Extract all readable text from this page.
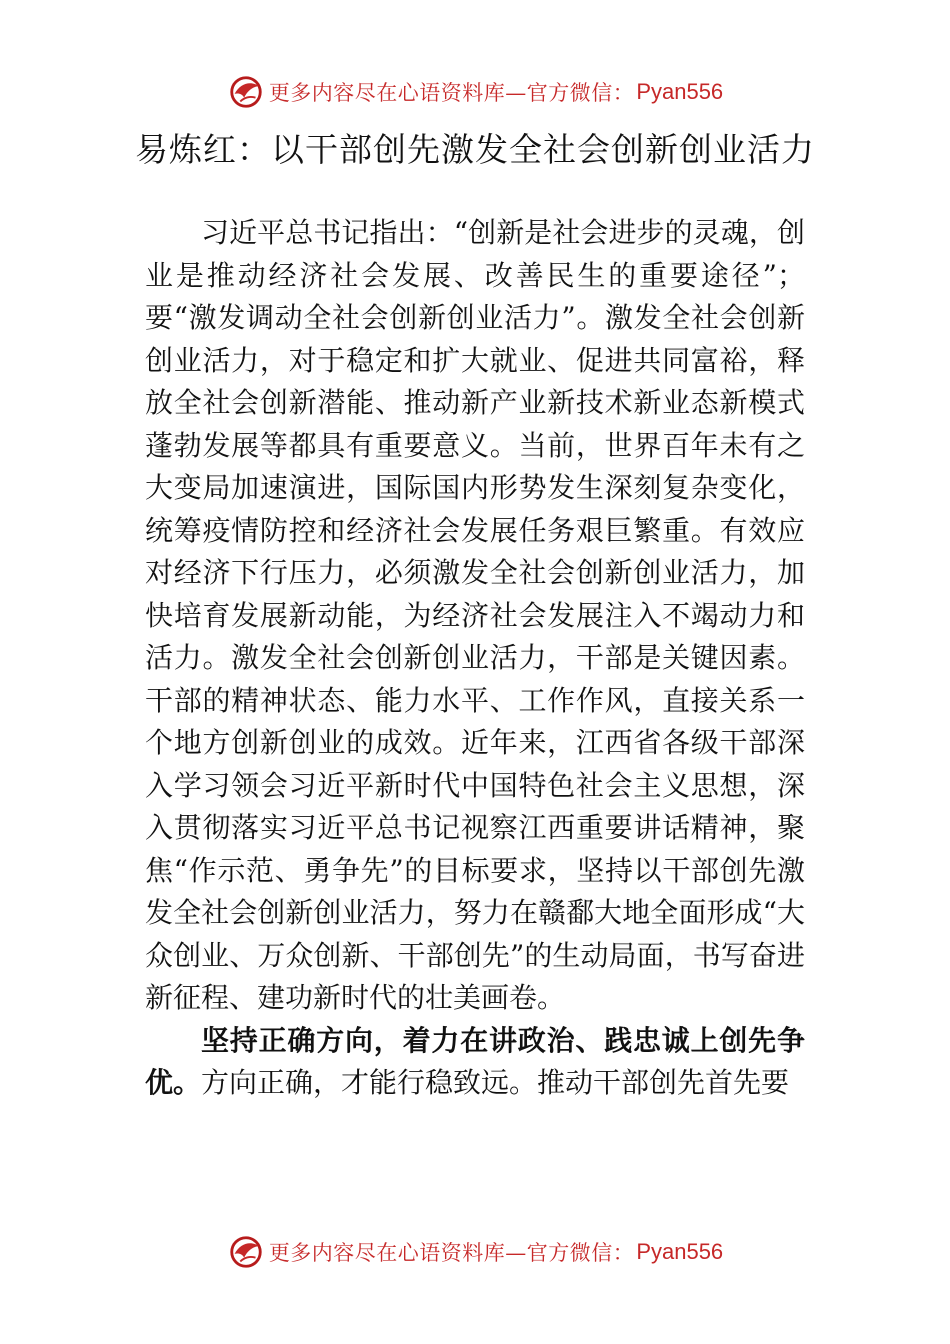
更多内容尽在心语资料库—官方微信： Pyan556
易炼红：以干部创先激发全社会创新创业活力

习近平总书记指出：“创新是社会进步的灵魂，创业是推动经济社会发展、改善民生的重要途径”；要“激发调动全社会创新创业活力”。激发全社会创新创业活力，对于稳定和扩大就业、促进共同富裕，释放全社会创新潜能、推动新产业新技术新业态新模式蓬勃发展等都具有重要意义。当前，世界百年未有之大变局加速演进，国际国内形势发生深刻复杂变化，统筹疫情防控和经济社会发展任务艰巨繁重。有效应对经济下行压力，必须激发全社会创新创业活力，加快培育发展新动能，为经济社会发展注入不竭动力和活力。激发全社会创新创业活力，干部是关键因素。干部的精神状态、能力水平、工作作风，直接关系一个地方创新创业的成效。近年来，江西省各级干部深入学习领会习近平新时代中国特色社会主义思想，深入贯彻落实习近平总书记视察江西重要讲话精神，聚焦“作示范、勇争先”的目标要求，坚持以干部创先激发全社会创新创业活力，努力在赣鄱大地全面形成“大众创业、万众创新、干部创先”的生动局面，书写奋进新征程、建功新时代的壮美画卷。

坚持正确方向，着力在讲政治、践忠诚上创先争优。方向正确，才能行稳致远。推动干部创先首先要

更多内容尽在心语资料库—官方微信： Pyan556
